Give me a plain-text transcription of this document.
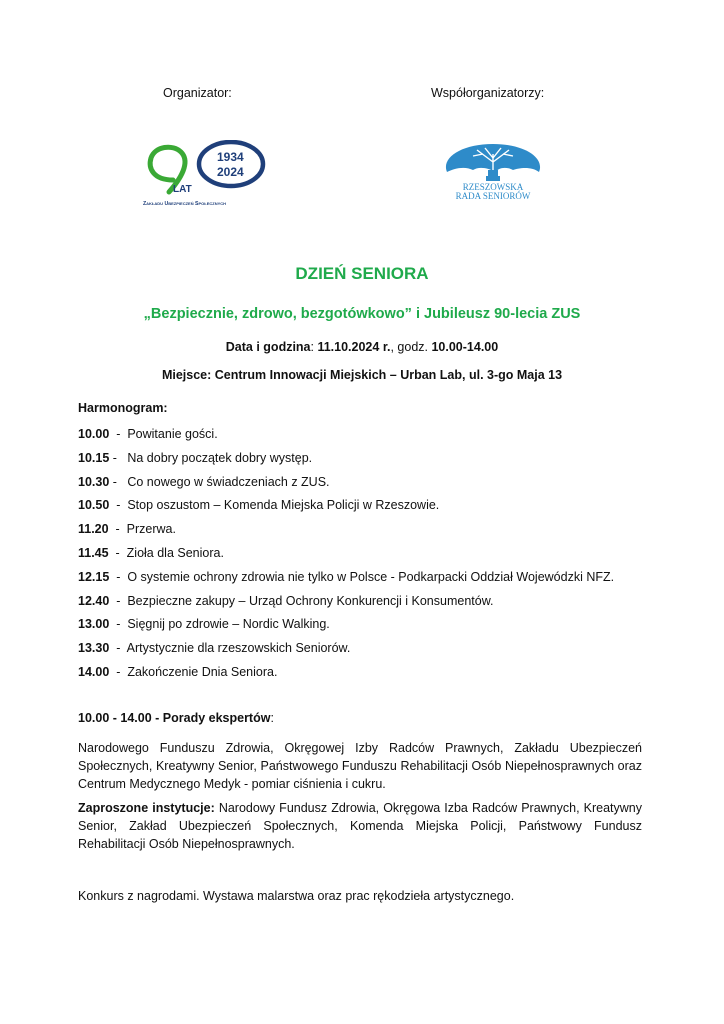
Organizator:	Współorganizatorzy:
1934
2024
LAT
Zakładu Ubezpieczeń Społecznych
RZESZOWSKA
RADA SENIORÓW
DZIEŃ SENIORA
„Bezpiecznie, zdrowo, bezgotówkowo” i Jubileusz 90-lecia ZUS
Data i godzina: 11.10.2024 r., godz. 10.00-14.00
Miejsce: Centrum Innowacji Miejskich – Urban Lab, ul. 3-go Maja 13
Harmonogram:
10.00  -  Powitanie gości.
10.15 -   Na dobry początek dobry występ.
10.30 -   Co nowego w świadczeniach z ZUS.
10.50  -  Stop oszustom – Komenda Miejska Policji w Rzeszowie.
11.20  -  Przerwa.
11.45  -  Zioła dla Seniora.
12.15  -  O systemie ochrony zdrowia nie tylko w Polsce - Podkarpacki Oddział Wojewódzki NFZ.
12.40  -  Bezpieczne zakupy – Urząd Ochrony Konkurencji i Konsumentów.
13.00  -  Sięgnij po zdrowie – Nordic Walking.
13.30  -  Artystycznie dla rzeszowskich Seniorów.
14.00  -  Zakończenie Dnia Seniora.
10.00 - 14.00 - Porady ekspertów:
Narodowego Funduszu Zdrowia, Okręgowej Izby Radców Prawnych, Zakładu Ubezpieczeń Społecznych, Kreatywny Senior, Państwowego Funduszu Rehabilitacji Osób Niepełnosprawnych oraz Centrum Medycznego Medyk - pomiar ciśnienia i cukru.
Zaproszone instytucje: Narodowy Fundusz Zdrowia, Okręgowa Izba Radców Prawnych, Kreatywny Senior, Zakład Ubezpieczeń Społecznych, Komenda Miejska Policji, Państwowy Fundusz Rehabilitacji Osób Niepełnosprawnych.
Konkurs z nagrodami. Wystawa malarstwa oraz prac rękodzieła artystycznego.
